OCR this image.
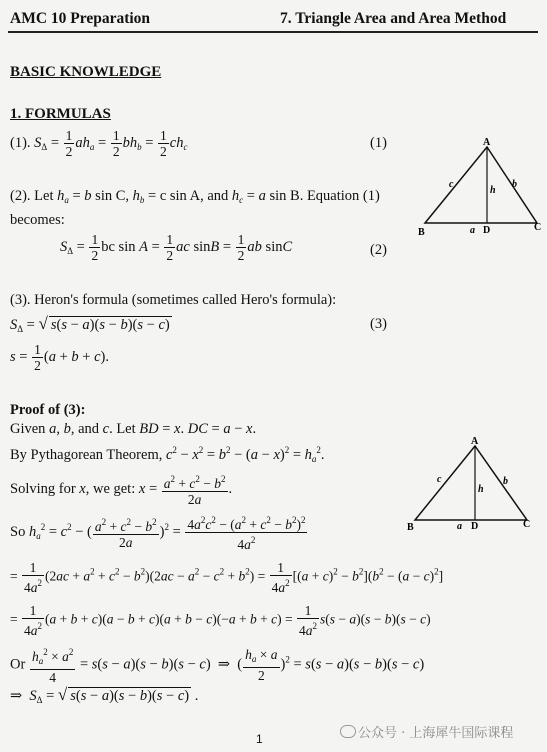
AMC 10 Preparation	7. Triangle Area and Area Method
BASIC KNOWLEDGE
1. FORMULAS
(1). $S_\Delta = \frac{1}{2} ah_a = \frac{1}{2} bh_b = \frac{1}{2} ch_c$	(1)	A
B	C
D
a
b
c
h
(2). Let $h_a = b$ sin C, $h_b = c$ sin A, and $h_c = a$ sin B. Equation (1)
becomes:
$S_\Delta = \frac{1}{2}$ bc $\sin A = \frac{1}{2}$ ac $\sin B = \frac{1}{2}$ ab sinC	(2)
(3). Heron's formula (sometimes called Hero's formula):
$S_\Delta$ = √ s(s − a)(s − b)(s − c)	(3)
$s = \frac{1}{2} (a + b + c)$.
Proof of (3):
Given a, b, and c. Let BD = x. DC = a − x.
By Pythagorean Theorem, $c^2 - x^2 = b^2 - (a - x)^2 = h_a^2$.
Solving for x, we get: $x = \frac{a^2 + c^2 - b^2}{2a}$ .
A
B	C
D
a
b
c
h
So $h_a^2 = c^2$ − ( $\frac{a^2 + c^2 - b^2}{2a} )^2 = \frac{4a^2c^2 - (a^2 + c^2 - b^2)^2}{4a^2}$
= $\frac{1}{4a^2} (2ac + a^2 + c^2 - b^2)(2ac - a^2 - c^2 + b^2) = \frac{1}{4a^2} [(a + c)^2 - b^2](b^2 - (a - c)^2]$
= $\frac{1}{4a^2} (a + b + c)(a - b + c)(a + b - c)(-a + b + c) = \frac{1}{4a^2} s(s - a)(s - b)(s - c)$
Or $\frac{h_a^2 \times a^2}{4} = s(s - a)(s - b)(s - c)$  ⇒  ( $\frac{h_a \times a}{2} )^2 = s(s - a)(s - b)(s - c)$
⇒  $S_\Delta$ = √ s(s − a)(s − b)(s − c) .
1	公众号 · 上海犀牛国际课程
